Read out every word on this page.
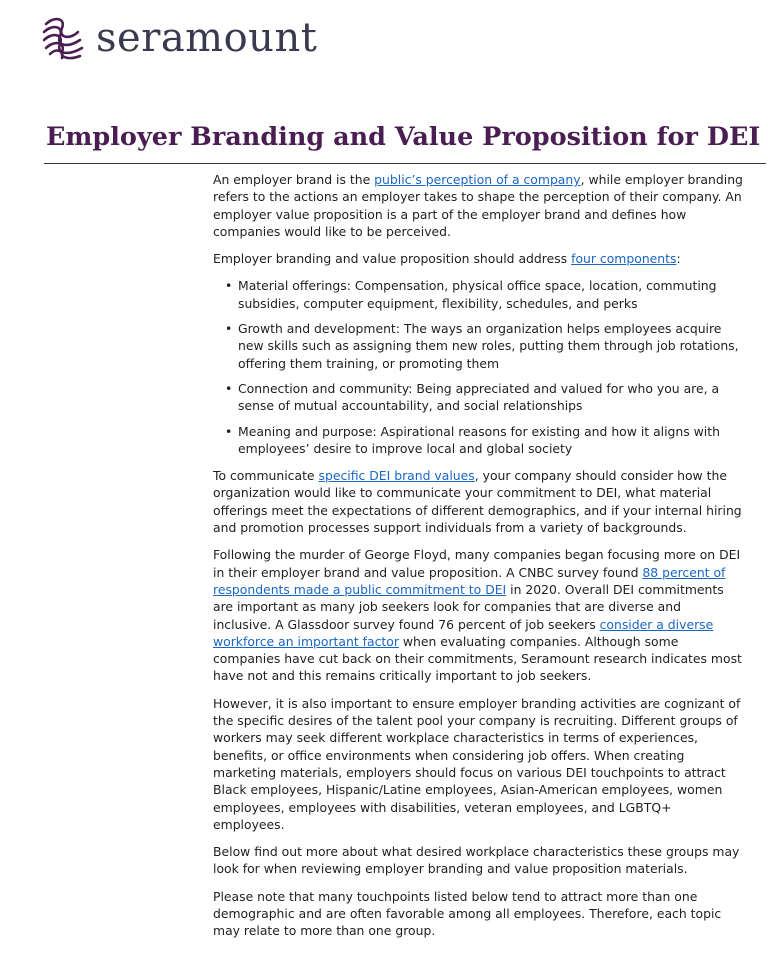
seramount
Employer Branding and Value Proposition for DEI

An employer brand is the public’s perception of a company, while employer branding refers to the actions an employer takes to shape the perception of their company. An employer value proposition is a part of the employer brand and defines how companies would like to be perceived.

Employer branding and value proposition should address four components:

• Material offerings: Compensation, physical office space, location, commuting subsidies, computer equipment, flexibility, schedules, and perks
• Growth and development: The ways an organization helps employees acquire new skills such as assigning them new roles, putting them through job rotations, offering them training, or promoting them
• Connection and community: Being appreciated and valued for who you are, a sense of mutual accountability, and social relationships
• Meaning and purpose: Aspirational reasons for existing and how it aligns with employees’ desire to improve local and global society

To communicate specific DEI brand values, your company should consider how the organization would like to communicate your commitment to DEI, what material offerings meet the expectations of different demographics, and if your internal hiring and promotion processes support individuals from a variety of backgrounds.

Following the murder of George Floyd, many companies began focusing more on DEI in their employer brand and value proposition. A CNBC survey found 88 percent of respondents made a public commitment to DEI in 2020. Overall DEI commitments are important as many job seekers look for companies that are diverse and inclusive. A Glassdoor survey found 76 percent of job seekers consider a diverse workforce an important factor when evaluating companies. Although some companies have cut back on their commitments, Seramount research indicates most have not and this remains critically important to job seekers.

However, it is also important to ensure employer branding activities are cognizant of the specific desires of the talent pool your company is recruiting. Different groups of workers may seek different workplace characteristics in terms of experiences, benefits, or office environments when considering job offers. When creating marketing materials, employers should focus on various DEI touchpoints to attract Black employees, Hispanic/Latine employees, Asian-American employees, women employees, employees with disabilities, veteran employees, and LGBTQ+ employees.

Below find out more about what desired workplace characteristics these groups may look for when reviewing employer branding and value proposition materials.

Please note that many touchpoints listed below tend to attract more than one demographic and are often favorable among all employees. Therefore, each topic may relate to more than one group.
